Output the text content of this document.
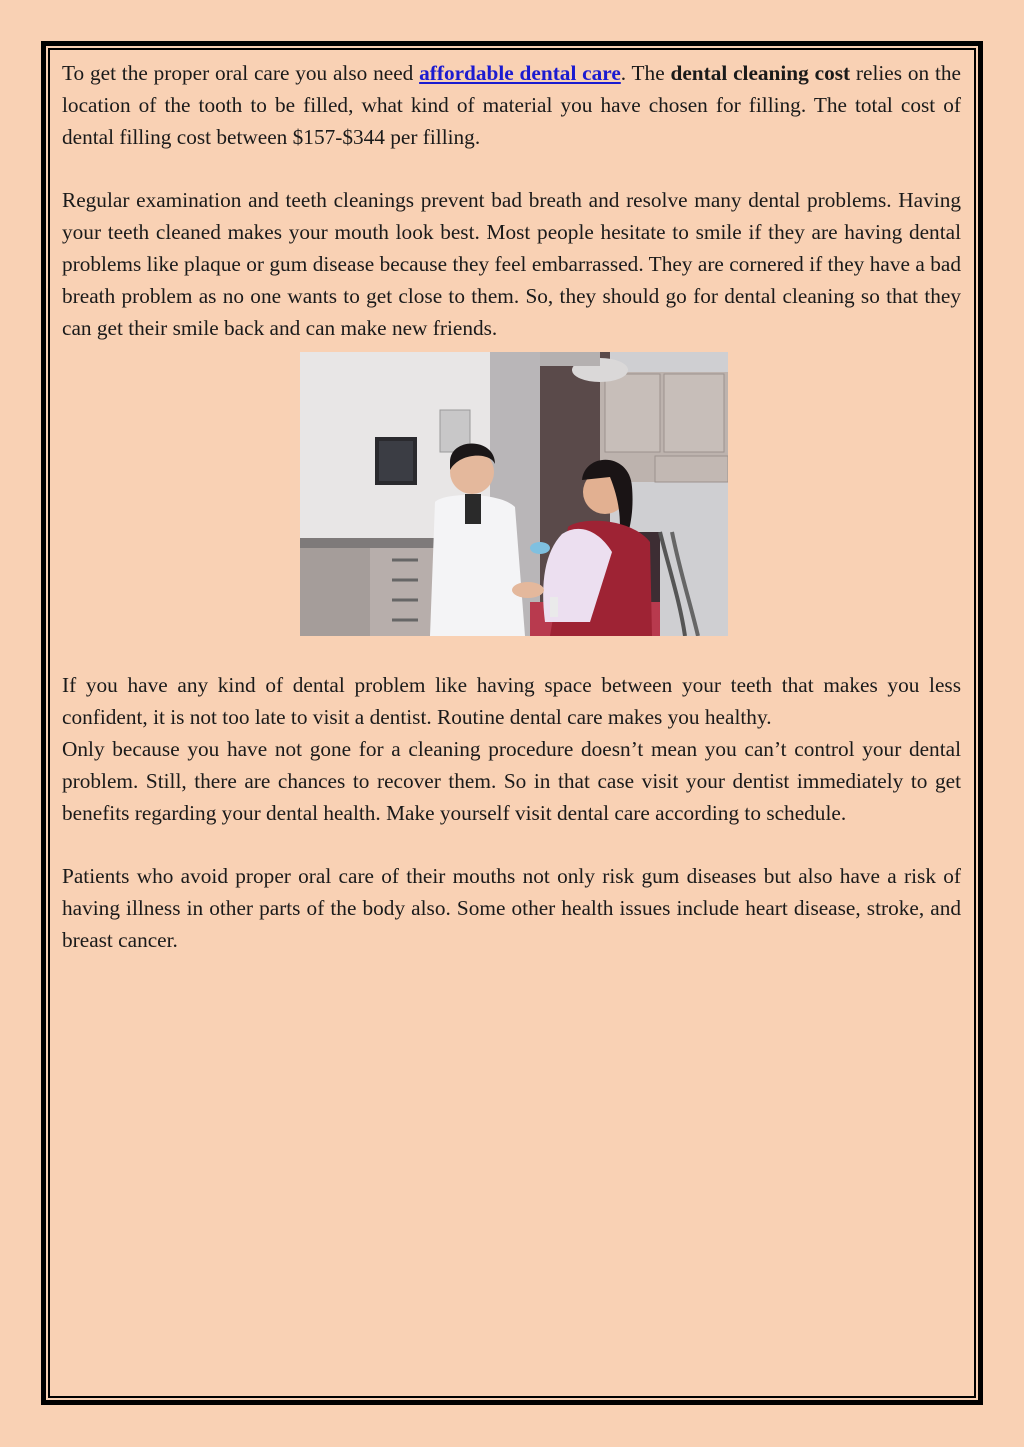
To get the proper oral care you also need affordable dental care. The dental cleaning cost relies on the location of the tooth to be filled, what kind of material you have chosen for filling. The total cost of dental filling cost between $157-$344 per filling.

Regular examination and teeth cleanings prevent bad breath and resolve many dental problems. Having your teeth cleaned makes your mouth look best. Most people hesitate to smile if they are having dental problems like plaque or gum disease because they feel embarrassed. They are cornered if they have a bad breath problem as no one wants to get close to them. So, they should go for dental cleaning so that they can get their smile back and can make new friends.

If you have any kind of dental problem like having space between your teeth that makes you less confident, it is not too late to visit a dentist. Routine dental care makes you healthy.

Only because you have not gone for a cleaning procedure doesn’t mean you can’t control your dental problem. Still, there are chances to recover them. So in that case visit your dentist immediately to get benefits regarding your dental health. Make yourself visit dental care according to schedule.

Patients who avoid proper oral care of their mouths not only risk gum diseases but also have a risk of having illness in other parts of the body also. Some other health issues include heart disease, stroke, and breast cancer.
